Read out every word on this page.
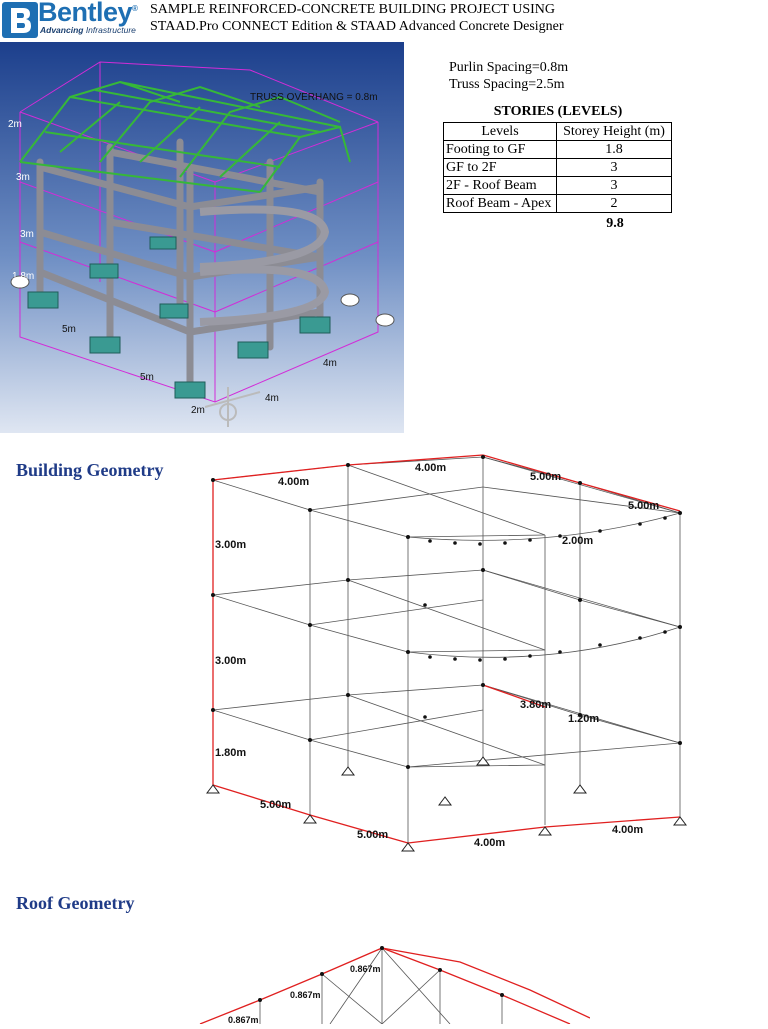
Bentley®
Advancing Infrastructure
SAMPLE REINFORCED-CONCRETE BUILDING PROJECT USING
STAAD.Pro CONNECT Edition & STAAD Advanced Concrete Designer
TRUSS OVERHANG = 0.8m
2m
3m
3m
1.8m
5m
5m
4m
4m
2m
Purlin Spacing=0.8m
Truss Spacing=2.5m
STORIES (LEVELS)
Levels	Storey Height (m)
Footing to GF	1.8
GF to 2F	3
2F - Roof Beam	3
Roof Beam - Apex	2
9.8
Building Geometry
4.00m
4.00m
5.00m
5.00m
2.00m
3.00m
3.00m
1.80m
3.80m
1.20m
5.00m
5.00m
4.00m
4.00m
Roof Geometry
0.867m
0.867m
0.867m
